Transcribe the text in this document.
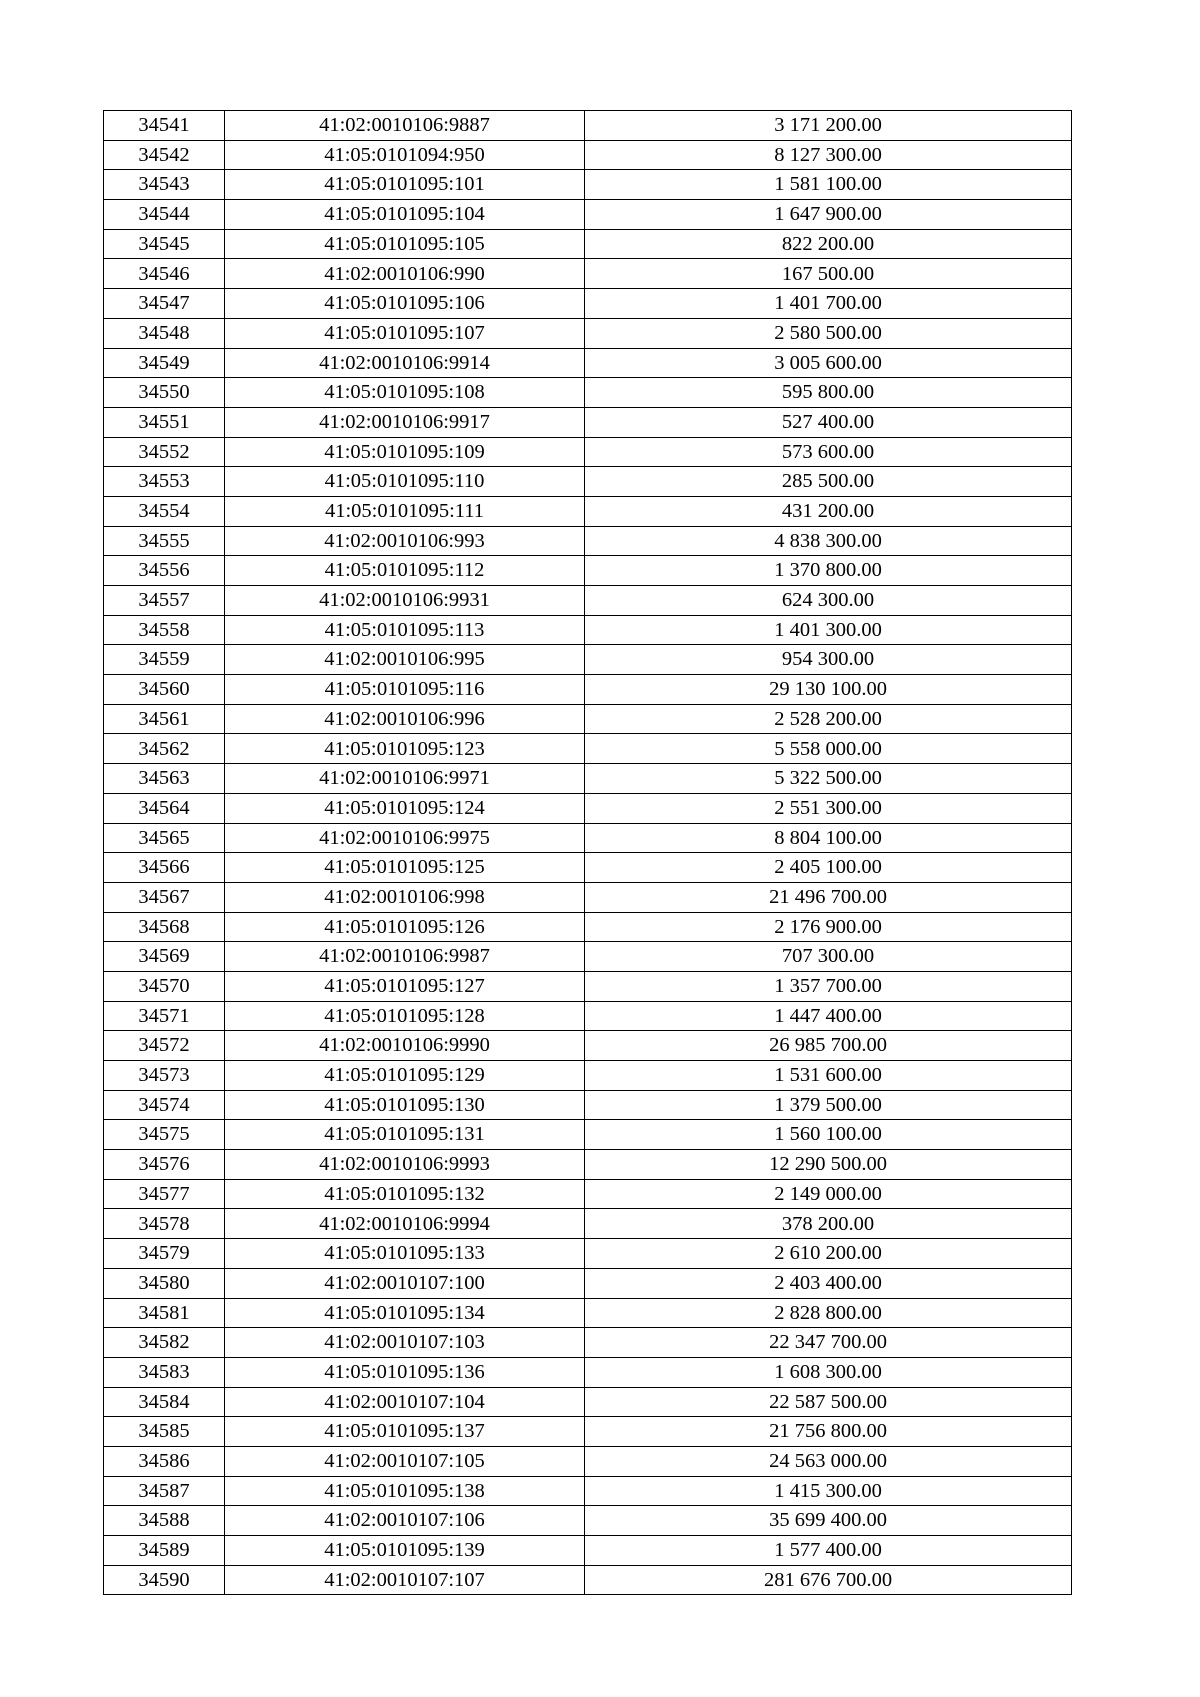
34541	41:02:0010106:9887	3 171 200.00
34542	41:05:0101094:950	8 127 300.00
34543	41:05:0101095:101	1 581 100.00
34544	41:05:0101095:104	1 647 900.00
34545	41:05:0101095:105	822 200.00
34546	41:02:0010106:990	167 500.00
34547	41:05:0101095:106	1 401 700.00
34548	41:05:0101095:107	2 580 500.00
34549	41:02:0010106:9914	3 005 600.00
34550	41:05:0101095:108	595 800.00
34551	41:02:0010106:9917	527 400.00
34552	41:05:0101095:109	573 600.00
34553	41:05:0101095:110	285 500.00
34554	41:05:0101095:111	431 200.00
34555	41:02:0010106:993	4 838 300.00
34556	41:05:0101095:112	1 370 800.00
34557	41:02:0010106:9931	624 300.00
34558	41:05:0101095:113	1 401 300.00
34559	41:02:0010106:995	954 300.00
34560	41:05:0101095:116	29 130 100.00
34561	41:02:0010106:996	2 528 200.00
34562	41:05:0101095:123	5 558 000.00
34563	41:02:0010106:9971	5 322 500.00
34564	41:05:0101095:124	2 551 300.00
34565	41:02:0010106:9975	8 804 100.00
34566	41:05:0101095:125	2 405 100.00
34567	41:02:0010106:998	21 496 700.00
34568	41:05:0101095:126	2 176 900.00
34569	41:02:0010106:9987	707 300.00
34570	41:05:0101095:127	1 357 700.00
34571	41:05:0101095:128	1 447 400.00
34572	41:02:0010106:9990	26 985 700.00
34573	41:05:0101095:129	1 531 600.00
34574	41:05:0101095:130	1 379 500.00
34575	41:05:0101095:131	1 560 100.00
34576	41:02:0010106:9993	12 290 500.00
34577	41:05:0101095:132	2 149 000.00
34578	41:02:0010106:9994	378 200.00
34579	41:05:0101095:133	2 610 200.00
34580	41:02:0010107:100	2 403 400.00
34581	41:05:0101095:134	2 828 800.00
34582	41:02:0010107:103	22 347 700.00
34583	41:05:0101095:136	1 608 300.00
34584	41:02:0010107:104	22 587 500.00
34585	41:05:0101095:137	21 756 800.00
34586	41:02:0010107:105	24 563 000.00
34587	41:05:0101095:138	1 415 300.00
34588	41:02:0010107:106	35 699 400.00
34589	41:05:0101095:139	1 577 400.00
34590	41:02:0010107:107	281 676 700.00
